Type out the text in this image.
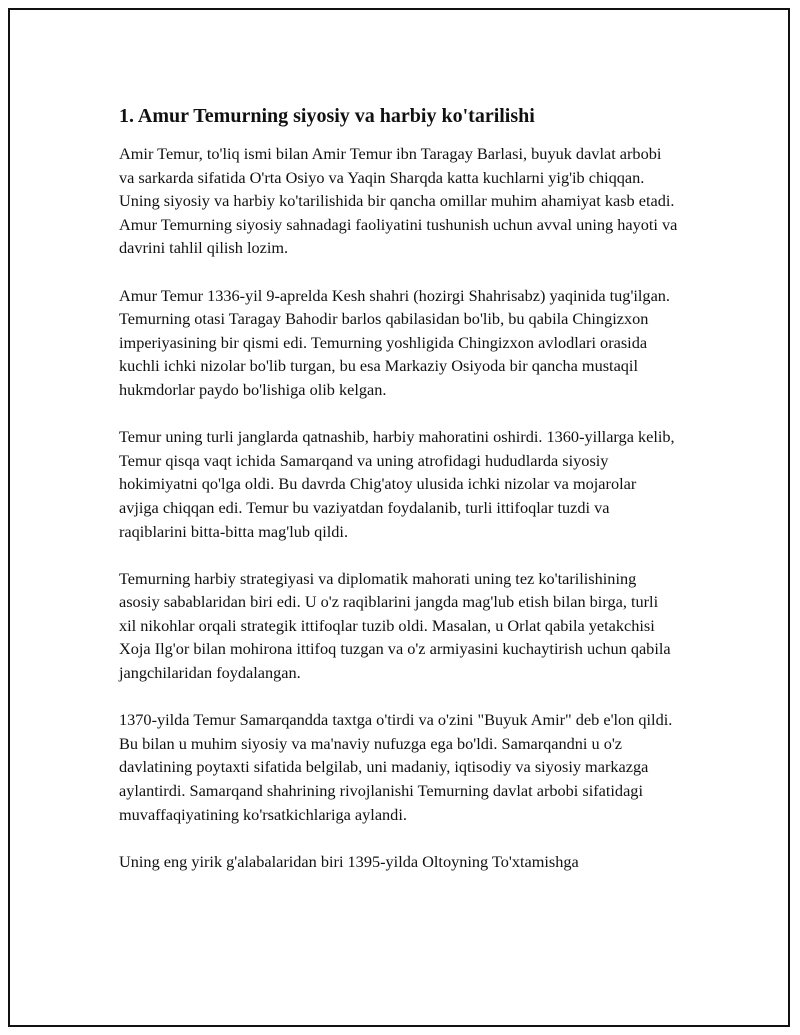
1. Amur Temurning siyosiy va harbiy ko'tarilishi

Amir Temur, to'liq ismi bilan Amir Temur ibn Taragay Barlasi, buyuk davlat arbobi va sarkarda sifatida O'rta Osiyo va Yaqin Sharqda katta kuchlarni yig'ib chiqqan. Uning siyosiy va harbiy ko'tarilishida bir qancha omillar muhim ahamiyat kasb etadi. Amur Temurning siyosiy sahnadagi faoliyatini tushunish uchun avval uning hayoti va davrini tahlil qilish lozim.

Amur Temur 1336-yil 9-aprelda Kesh shahri (hozirgi Shahrisabz) yaqinida tug'ilgan. Temurning otasi Taragay Bahodir barlos qabilasidan bo'lib, bu qabila Chingizxon imperiyasining bir qismi edi. Temurning yoshligida Chingizxon avlodlari orasida kuchli ichki nizolar bo'lib turgan, bu esa Markaziy Osiyoda bir qancha mustaqil hukmdorlar paydo bo'lishiga olib kelgan.

Temur uning turli janglarda qatnashib, harbiy mahoratini oshirdi. 1360-yillarga kelib, Temur qisqa vaqt ichida Samarqand va uning atrofidagi hududlarda siyosiy hokimiyatni qo'lga oldi. Bu davrda Chig'atoy ulusida ichki nizolar va mojarolar avjiga chiqqan edi. Temur bu vaziyatdan foydalanib, turli ittifoqlar tuzdi va raqiblarini bitta-bitta mag'lub qildi.

Temurning harbiy strategiyasi va diplomatik mahorati uning tez ko'tarilishining asosiy sabablaridan biri edi. U o'z raqiblarini jangda mag'lub etish bilan birga, turli xil nikohlar orqali strategik ittifoqlar tuzib oldi. Masalan, u Orlat qabila yetakchisi Xoja Ilg'or bilan mohirona ittifoq tuzgan va o'z armiyasini kuchaytirish uchun qabila jangchilaridan foydalangan.

1370-yilda Temur Samarqandda taxtga o'tirdi va o'zini "Buyuk Amir" deb e'lon qildi. Bu bilan u muhim siyosiy va ma'naviy nufuzga ega bo'ldi. Samarqandni u o'z davlatining poytaxti sifatida belgilab, uni madaniy, iqtisodiy va siyosiy markazga aylantirdi. Samarqand shahrining rivojlanishi Temurning davlat arbobi sifatidagi muvaffaqiyatining ko'rsatkichlariga aylandi.

Uning eng yirik g'alabalaridan biri 1395-yilda Oltoyning To'xtamishga
